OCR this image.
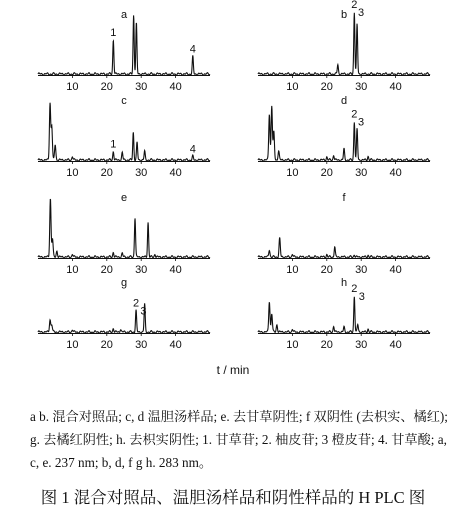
a
10 20 30 40
1
4
b
10 20 30 40
2
3
c
10 20 30 40
1	4
d
10 20 30 40
2
3
e
10 20 30 40
f
10 20 30 40
g
10 20 30 40
2
3
h
10 20 30 40
2
3
t / min
a b. 混合对照品; c, d 温胆汤样品; e. 去甘草阴性; f 双阴性 (去枳实、橘红); g. 去橘红阴性; h. 去枳实阴性; 1. 甘草苷; 2. 柚皮苷; 3 橙皮苷; 4. 甘草酸; a, c, e. 237 nm; b, d, f g h. 283 nm。
图 1 混合对照品、温胆汤样品和阴性样品的 H PLC 图
